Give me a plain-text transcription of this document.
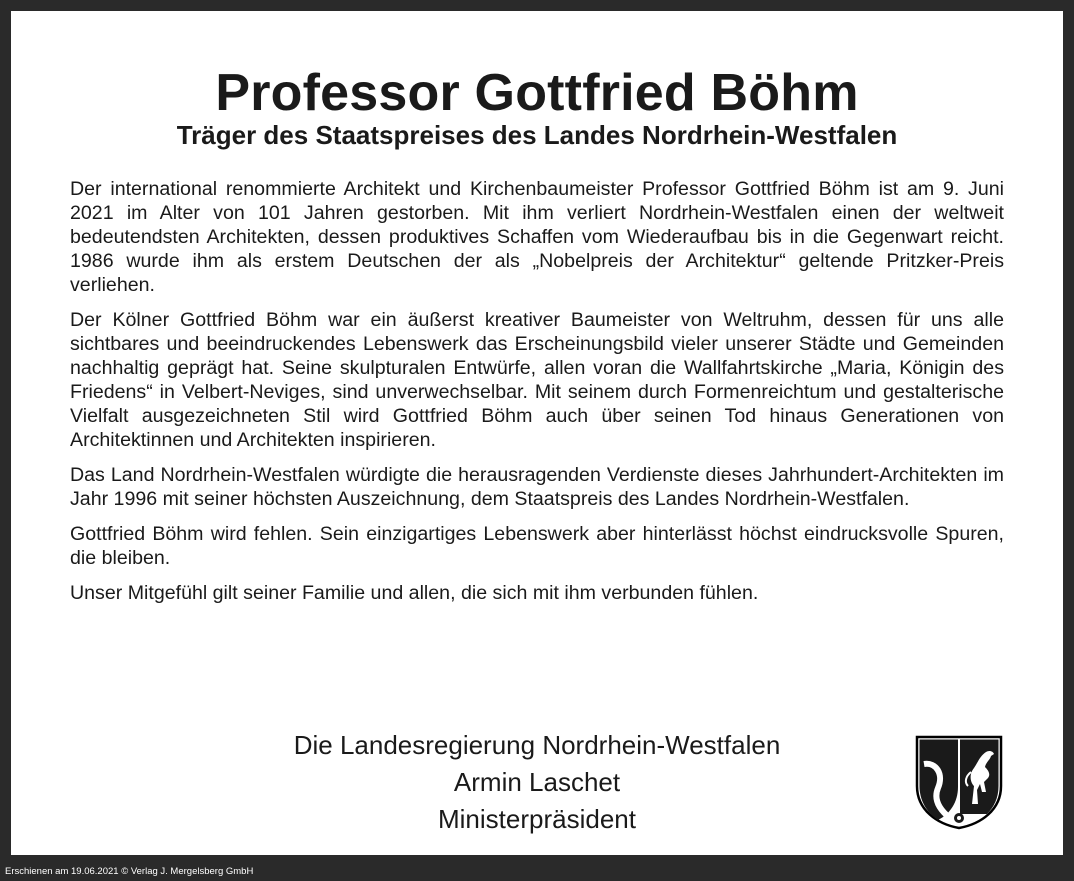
Professor Gottfried Böhm
Träger des Staatspreises des Landes Nordrhein-Westfalen

Der international renommierte Architekt und Kirchenbaumeister Professor Gottfried Böhm ist am 9. Juni 2021 im Alter von 101 Jahren gestorben. Mit ihm verliert Nordrhein-Westfalen einen der weltweit bedeutendsten Architekten, dessen produktives Schaffen vom Wiederaufbau bis in die Gegenwart reicht. 1986 wurde ihm als erstem Deutschen der als „Nobelpreis der Architektur“ geltende Pritzker-Preis verliehen.

Der Kölner Gottfried Böhm war ein äußerst kreativer Baumeister von Weltruhm, dessen für uns alle sichtbares und beeindruckendes Lebenswerk das Erscheinungsbild vieler unserer Städte und Gemeinden nachhaltig geprägt hat. Seine skulpturalen Entwürfe, allen voran die Wallfahrtskirche „Maria, Königin des Friedens“ in Velbert-Neviges, sind unverwechselbar. Mit seinem durch Formenreichtum und gestalterische Vielfalt ausgezeichneten Stil wird Gottfried Böhm auch über seinen Tod hinaus Generationen von Architektinnen und Architekten inspirieren.

Das Land Nordrhein-Westfalen würdigte die herausragenden Verdienste dieses Jahrhundert-Architekten im Jahr 1996 mit seiner höchsten Auszeichnung, dem Staatspreis des Landes Nordrhein-Westfalen.

Gottfried Böhm wird fehlen. Sein einzigartiges Lebenswerk aber hinterlässt höchst eindrucksvolle Spuren, die bleiben.

Unser Mitgefühl gilt seiner Familie und allen, die sich mit ihm verbunden fühlen.

Die Landesregierung Nordrhein-Westfalen
Armin Laschet
Ministerpräsident
Erschienen am 19.06.2021 © Verlag J. Mergelsberg GmbH
